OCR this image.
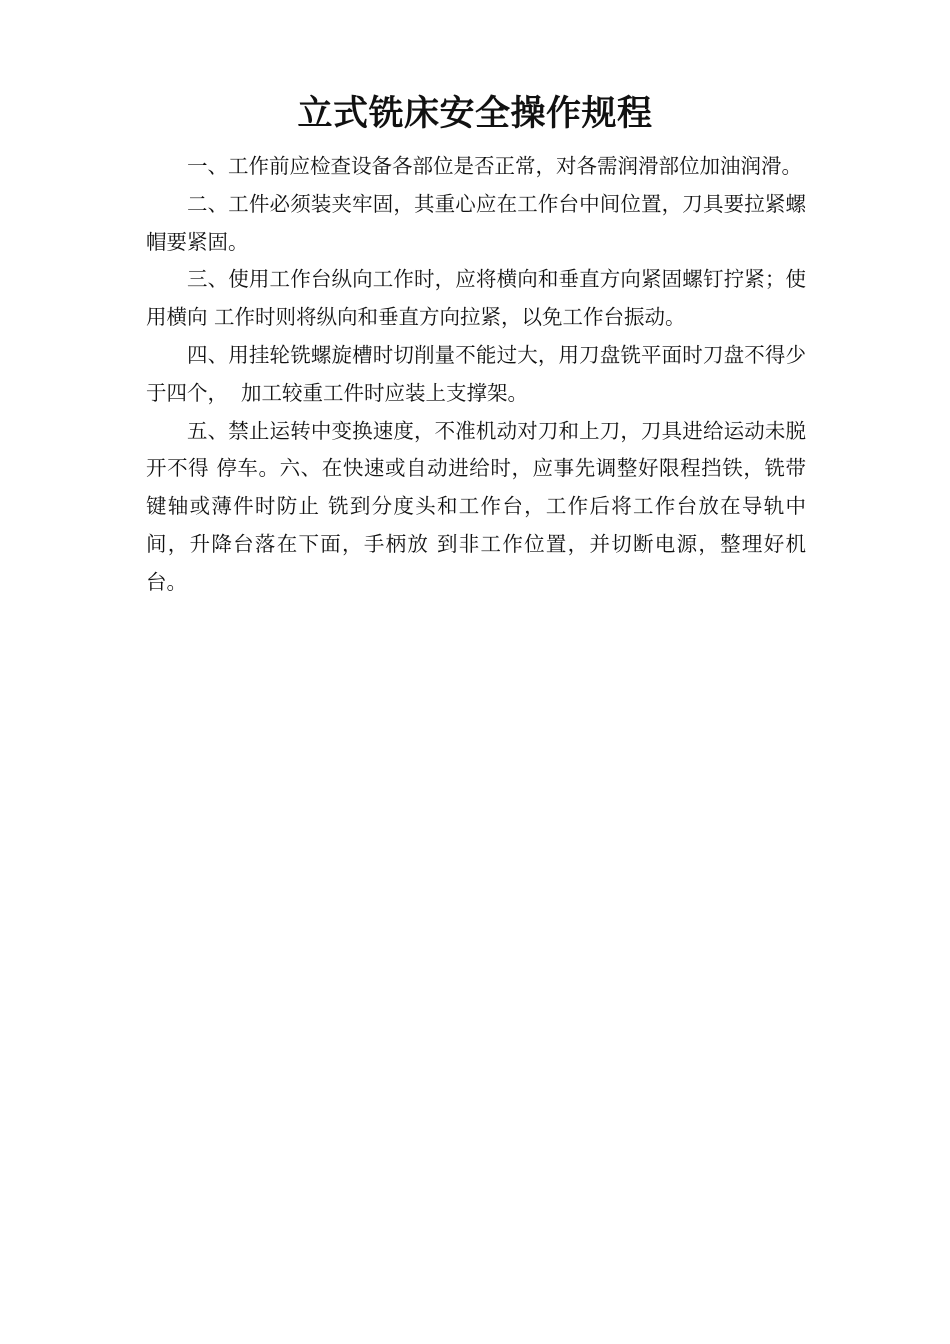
立式铣床安全操作规程

一、工作前应检查设备各部位是否正常，对各需润滑部位加油润滑。

二、工件必须装夹牢固，其重心应在工作台中间位置，刀具要拉紧螺帽要紧固。

三、使用工作台纵向工作时，应将横向和垂直方向紧固螺钉拧紧；使用横向 工作时则将纵向和垂直方向拉紧，以免工作台振动。

四、用挂轮铣螺旋槽时切削量不能过大，用刀盘铣平面时刀盘不得少于四个，  加工较重工件时应装上支撑架。

五、禁止运转中变换速度，不准机动对刀和上刀，刀具进给运动未脱开不得 停车。六、在快速或自动进给时，应事先调整好限程挡铁，铣带键轴或薄件时防止 铣到分度头和工作台，工作后将工作台放在导轨中间，升降台落在下面，手柄放 到非工作位置，并切断电源，整理好机台。
